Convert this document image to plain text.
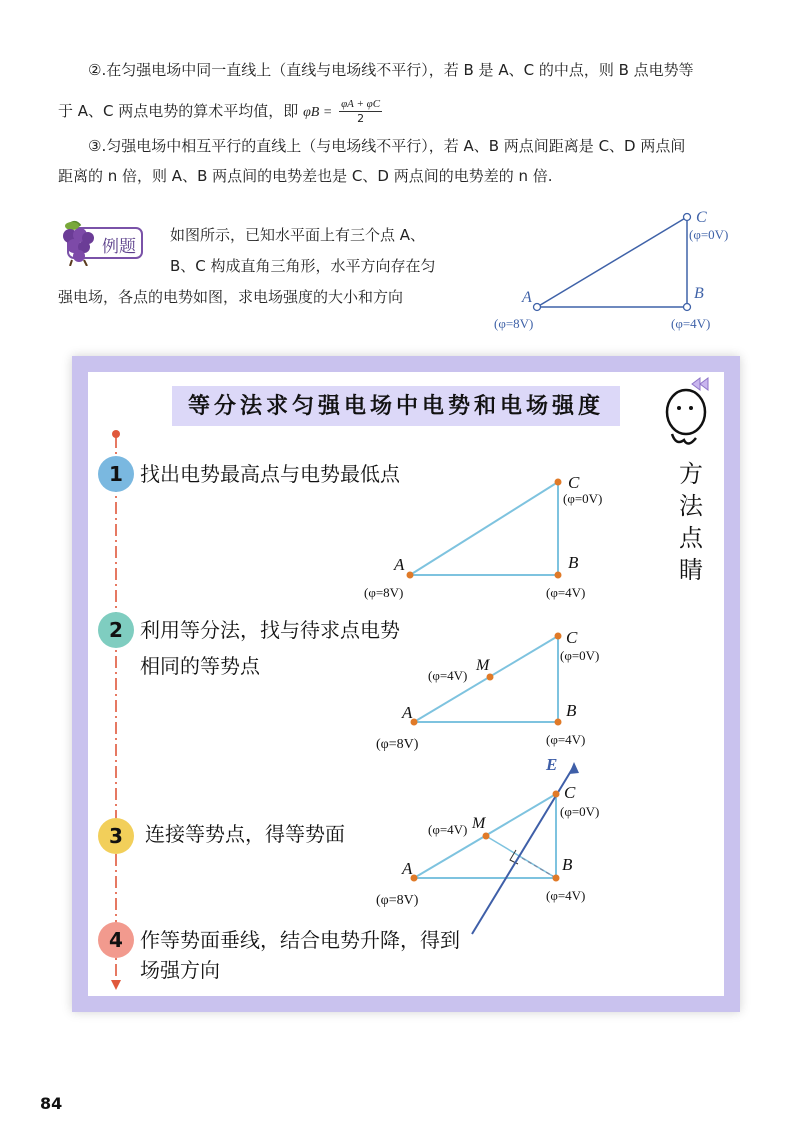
②.在匀强电场中同一直线上（直线与电场线不平行），若 B 是 A、C 的中点，则 B 点电势等
于 A、C 两点电势的算术平均值，即 $\varphi B = \frac{\varphi A + \varphi C}{2}$
③.匀强电场中相互平行的直线上（与电场线不平行），若 A、B 两点间距离是 C、D 两点间
距离的 n 倍，则 A、B 两点间的电势差也是 C、D 两点间的电势差的 n 倍.
例题
如图所示，已知水平面上有三个点 A、
B、C 构成直角三角形，水平方向存在匀
强电场，各点的电势如图，求电场强度的大小和方向	A	B
C
(φ=8V)	(φ=4V)
(φ=0V)
等分法求匀强电场中电势和电场强度
1
2
3
4
找出电势最高点与电势最低点
利用等分法，找与待求点电势
相同的等势点
连接等势点，得等势面
作等势面垂线，结合电势升降，得到
场强方向
方
法
点
睛
A	B
C
(φ=8V)	(φ=4V)
(φ=0V)
A	B
C
M
(φ=8V)	(φ=4V)
(φ=0V)
(φ=4V)
E
A	B
C
M
(φ=8V)	(φ=4V)
(φ=0V)
(φ=4V)
84
